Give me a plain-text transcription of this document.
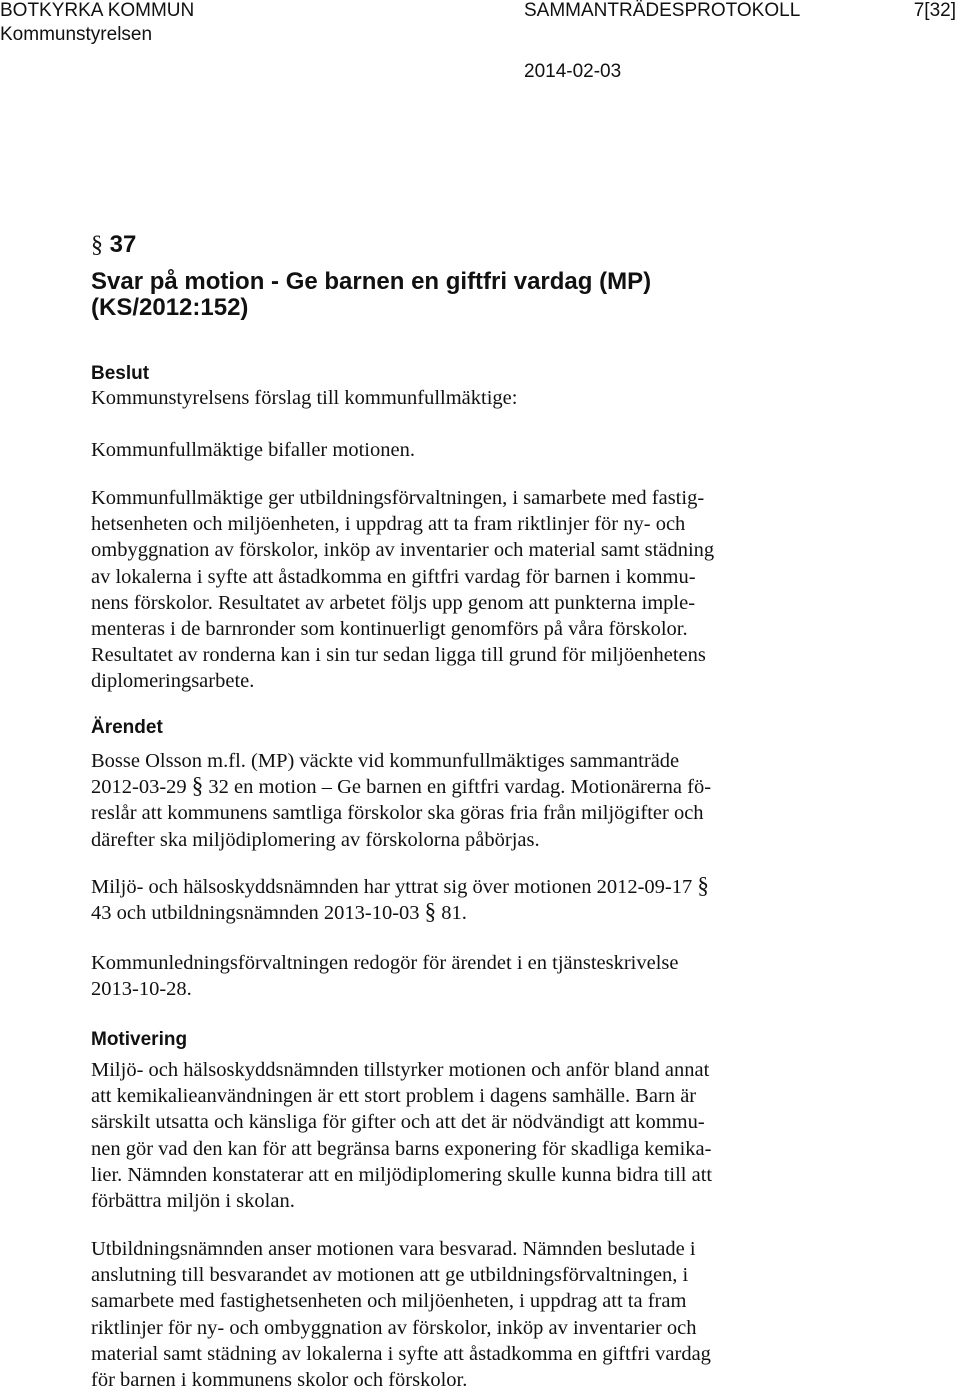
BOTKYRKA KOMMUN
Kommunstyrelsen
SAMMANTRÄDESPROTOKOLL	7[32]
2014-02-03
§ 37
Svar på motion - Ge barnen en giftfri vardag (MP)
(KS/2012:152)
Beslut
Kommunstyrelsens förslag till kommunfullmäktige:
Kommunfullmäktige bifaller motionen.
Kommunfullmäktige ger utbildningsförvaltningen, i samarbete med fastig-
hetsenheten och miljöenheten, i uppdrag att ta fram riktlinjer för ny- och
ombyggnation av förskolor, inköp av inventarier och material samt städning
av lokalerna i syfte att åstadkomma en giftfri vardag för barnen i kommu-
nens förskolor. Resultatet av arbetet följs upp genom att punkterna imple-
menteras i de barnronder som kontinuerligt genomförs på våra förskolor.
Resultatet av ronderna kan i sin tur sedan ligga till grund för miljöenhetens
diplomeringsarbete.
Ärendet
Bosse Olsson m.fl. (MP) väckte vid kommunfullmäktiges sammanträde
2012-03-29 § 32 en motion – Ge barnen en giftfri vardag. Motionärerna fö-
reslår att kommunens samtliga förskolor ska göras fria från miljögifter och
därefter ska miljödiplomering av förskolorna påbörjas.
Miljö- och hälsoskyddsnämnden har yttrat sig över motionen 2012-09-17 §
43 och utbildningsnämnden 2013-10-03 § 81.
Kommunledningsförvaltningen redogör för ärendet i en tjänsteskrivelse
2013-10-28.
Motivering
Miljö- och hälsoskyddsnämnden tillstyrker motionen och anför bland annat
att kemikalieanvändningen är ett stort problem i dagens samhälle. Barn är
särskilt utsatta och känsliga för gifter och att det är nödvändigt att kommu-
nen gör vad den kan för att begränsa barns exponering för skadliga kemika-
lier. Nämnden konstaterar att en miljödiplomering skulle kunna bidra till att
förbättra miljön i skolan.
Utbildningsnämnden anser motionen vara besvarad. Nämnden beslutade i
anslutning till besvarandet av motionen att ge utbildningsförvaltningen, i
samarbete med fastighetsenheten och miljöenheten, i uppdrag att ta fram
riktlinjer för ny- och ombyggnation av förskolor, inköp av inventarier och
material samt städning av lokalerna i syfte att åstadkomma en giftfri vardag
för barnen i kommunens skolor och förskolor.
